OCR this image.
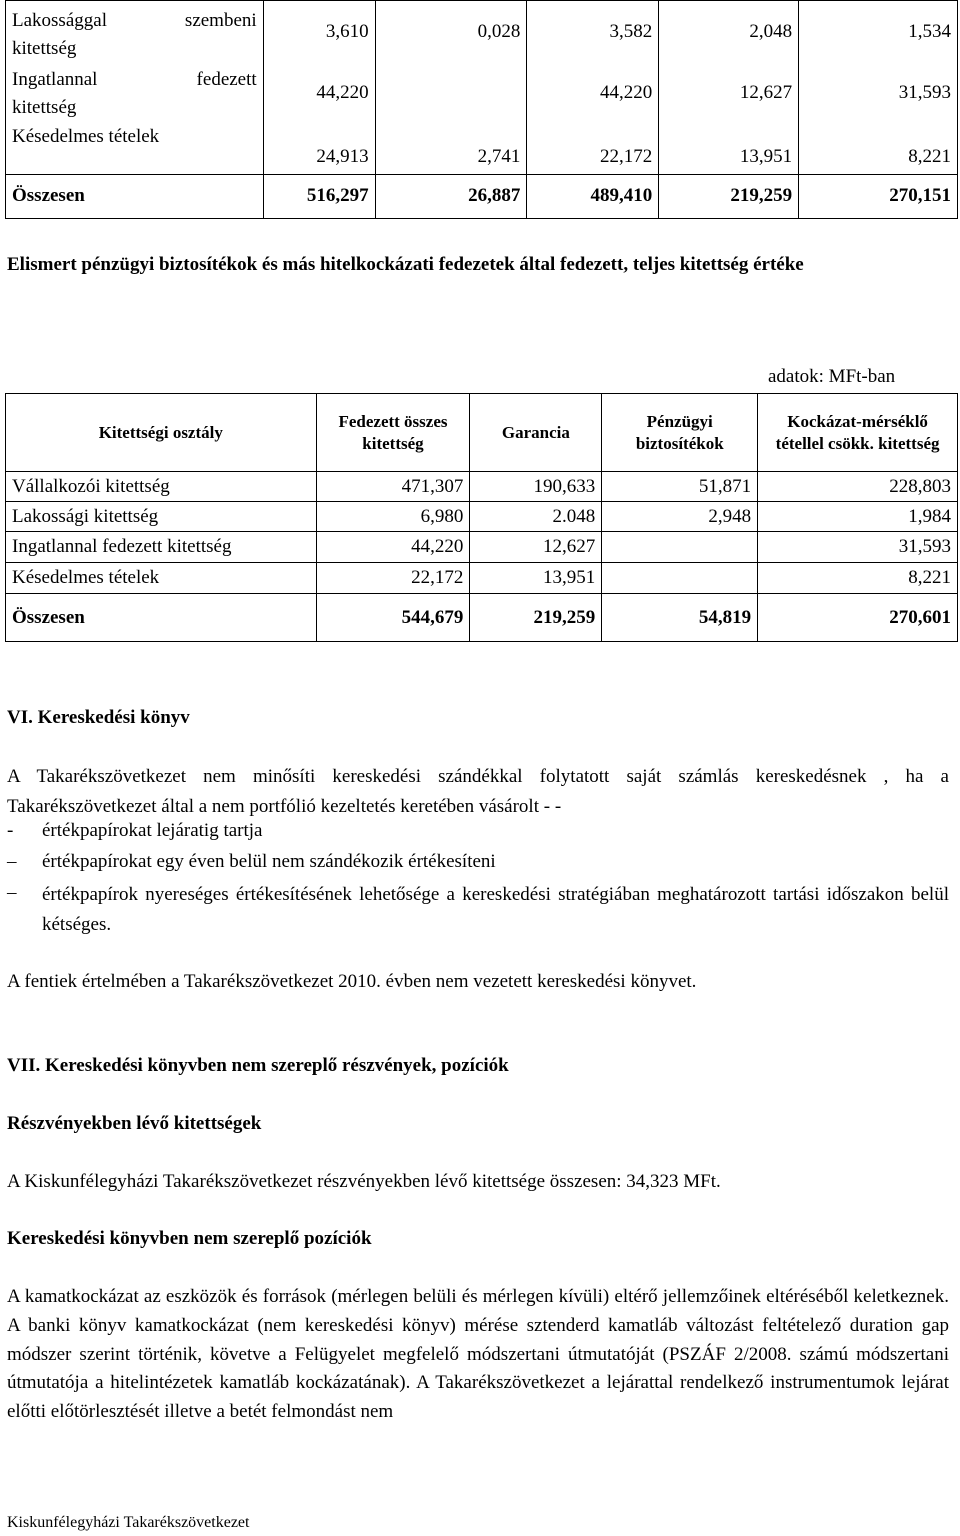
Lakossággal szembeni
kitettség	3,610	0,028	3,582	2,048	1,534

Ingatlannal fedezett
kitettség	44,220		44,220	12,627	31,593
Késedelmes tételek	24,913	2,741	22,172	13,951	8,221
Összesen	516,297	26,887	489,410	219,259	270,151

Elismert pénzügyi biztosítékok és más hitelkockázati fedezetek által fedezett, teljes kitettség értéke

adatok: MFt-ban
Kitettségi osztály	Fedezett összes kitettség	Garancia	Pénzügyi biztosítékok	Kockázat-mérséklő tétellel csökk. kitettség
Vállalkozói kitettség	471,307	190,633	51,871	228,803
Lakossági kitettség	6,980	2.048	2,948	1,984
Ingatlannal fedezett kitettség	44,220	12,627		31,593
Késedelmes tételek	22,172	13,951		8,221
Összesen	544,679	219,259	54,819	270,601
VI. Kereskedési könyv

A Takarékszövetkezet nem minősíti kereskedési szándékkal folytatott saját számlás kereskedésnek , ha a Takarékszövetkezet által a nem portfólió kezeltetés keretében vásárolt - -

- értékpapírokat lejáratig tartja
– értékpapírokat egy éven belül nem szándékozik értékesíteni
– értékpapírok nyereséges értékesítésének lehetősége a kereskedési stratégiában meghatározott tartási időszakon belül kétséges.

A fentiek értelmében a Takarékszövetkezet 2010. évben nem vezetett kereskedési könyvet.

VII. Kereskedési könyvben nem szereplő részvények, pozíciók
Részvényekben lévő kitettségek

A Kiskunfélegyházi Takarékszövetkezet részvényekben lévő kitettsége összesen: 34,323 MFt.

Kereskedési könyvben nem szereplő pozíciók

A kamatkockázat az eszközök és források (mérlegen belüli és mérlegen kívüli) eltérő jellemzőinek eltéréséből keletkeznek. A banki könyv kamatkockázat (nem kereskedési könyv) mérése sztenderd kamatláb változást feltételező duration gap módszer szerint történik, követve a Felügyelet megfelelő módszertani útmutatóját (PSZÁF 2/2008. számú módszertani útmutatója a hitelintézetek kamatláb kockázatának). A Takarékszövetkezet a lejárattal rendelkező instrumentumok lejárat előtti előtörlesztését illetve a betét felmondást nem

Kiskunfélegyházi Takarékszövetkezet
